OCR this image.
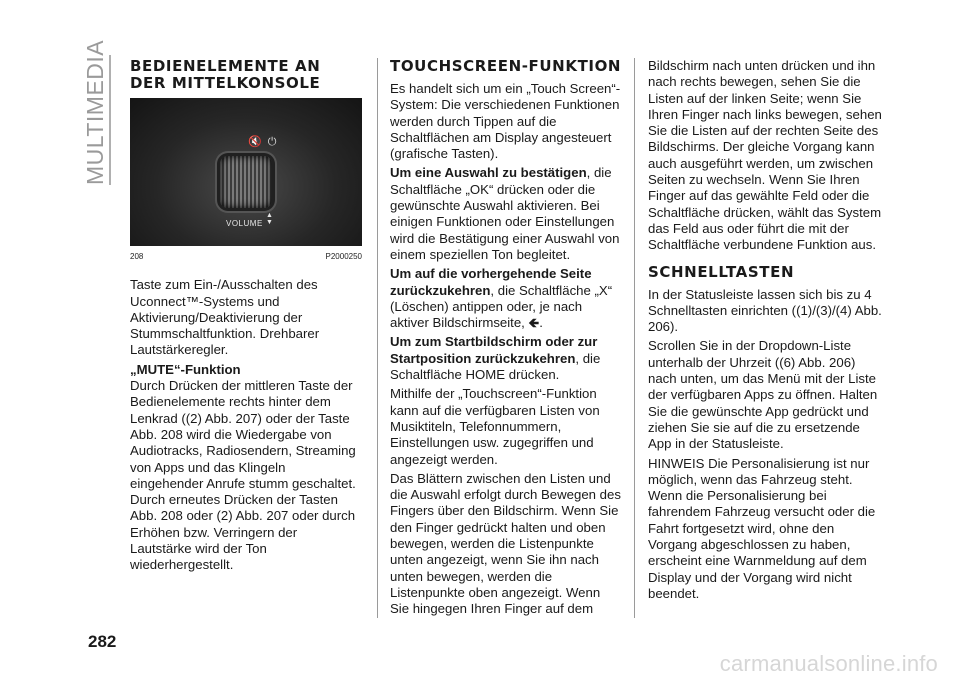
MULTIMEDIA BEDIENELEMENTE AN DER MITTELKONSOLE
🔇⏻
VOLUME
▲
▼
208	P2000250

Taste zum Ein-/Ausschalten des Uconnect™-Systems und Aktivierung/Deaktivierung der Stummschaltfunktion. Drehbarer Lautstärkeregler.

„MUTE“-Funktion

Durch Drücken der mittleren Taste der Bedienelemente rechts hinter dem Lenkrad ((2) Abb. 207) oder der Taste Abb. 208 wird die Wiedergabe von Audiotracks, Radiosendern, Streaming von Apps und das Klingeln eingehender Anrufe stumm geschaltet. Durch erneutes Drücken der Tasten Abb. 208 oder (2) Abb. 207 oder durch Erhöhen bzw. Verringern der Lautstärke wird der Ton wiederhergestellt.

TOUCHSCREEN-FUNKTION

Es handelt sich um ein „Touch Screen“-System: Die verschiedenen Funktionen werden durch Tippen auf die Schaltflächen am Display angesteuert (grafische Tasten).

Um eine Auswahl zu bestätigen, die Schaltfläche „OK“ drücken oder die gewünschte Auswahl aktivieren. Bei einigen Funktionen oder Einstellungen wird die Bestätigung einer Auswahl von einem speziellen Ton begleitet.

Um auf die vorhergehende Seite zurückzukehren, die Schaltfläche „X“ (Löschen) antippen oder, je nach aktiver Bildschirmseite, 🡸.

Um zum Startbildschirm oder zur Startposition zurückzukehren, die Schaltfläche HOME drücken.

Mithilfe der „Touchscreen“-Funktion kann auf die verfügbaren Listen von Musiktiteln, Telefonnummern, Einstellungen usw. zugegriffen und angezeigt werden.

Das Blättern zwischen den Listen und die Auswahl erfolgt durch Bewegen des Fingers über den Bildschirm. Wenn Sie den Finger gedrückt halten und oben bewegen, werden die Listenpunkte unten angezeigt, wenn Sie ihn nach unten bewegen, werden die Listenpunkte oben angezeigt. Wenn Sie hingegen Ihren Finger auf dem

Bildschirm nach unten drücken und ihn nach rechts bewegen, sehen Sie die Listen auf der linken Seite; wenn Sie Ihren Finger nach links bewegen, sehen Sie die Listen auf der rechten Seite des Bildschirms. Der gleiche Vorgang kann auch ausgeführt werden, um zwischen Seiten zu wechseln. Wenn Sie Ihren Finger auf das gewählte Feld oder die Schaltfläche drücken, wählt das System das Feld aus oder führt die mit der Schaltfläche verbundene Funktion aus.

SCHNELLTASTEN

In der Statusleiste lassen sich bis zu 4 Schnelltasten einrichten ((1)/(3)/(4) Abb. 206).

Scrollen Sie in der Dropdown-Liste unterhalb der Uhrzeit ((6) Abb. 206) nach unten, um das Menü mit der Liste der verfügbaren Apps zu öffnen. Halten Sie die gewünschte App gedrückt und ziehen Sie sie auf die zu ersetzende App in der Statusleiste.

HINWEIS Die Personalisierung ist nur möglich, wenn das Fahrzeug steht. Wenn die Personalisierung bei fahrendem Fahrzeug versucht oder die Fahrt fortgesetzt wird, ohne den Vorgang abgeschlossen zu haben, erscheint eine Warnmeldung auf dem Display und der Vorgang wird nicht beendet.

282
carmanualsonline.info
